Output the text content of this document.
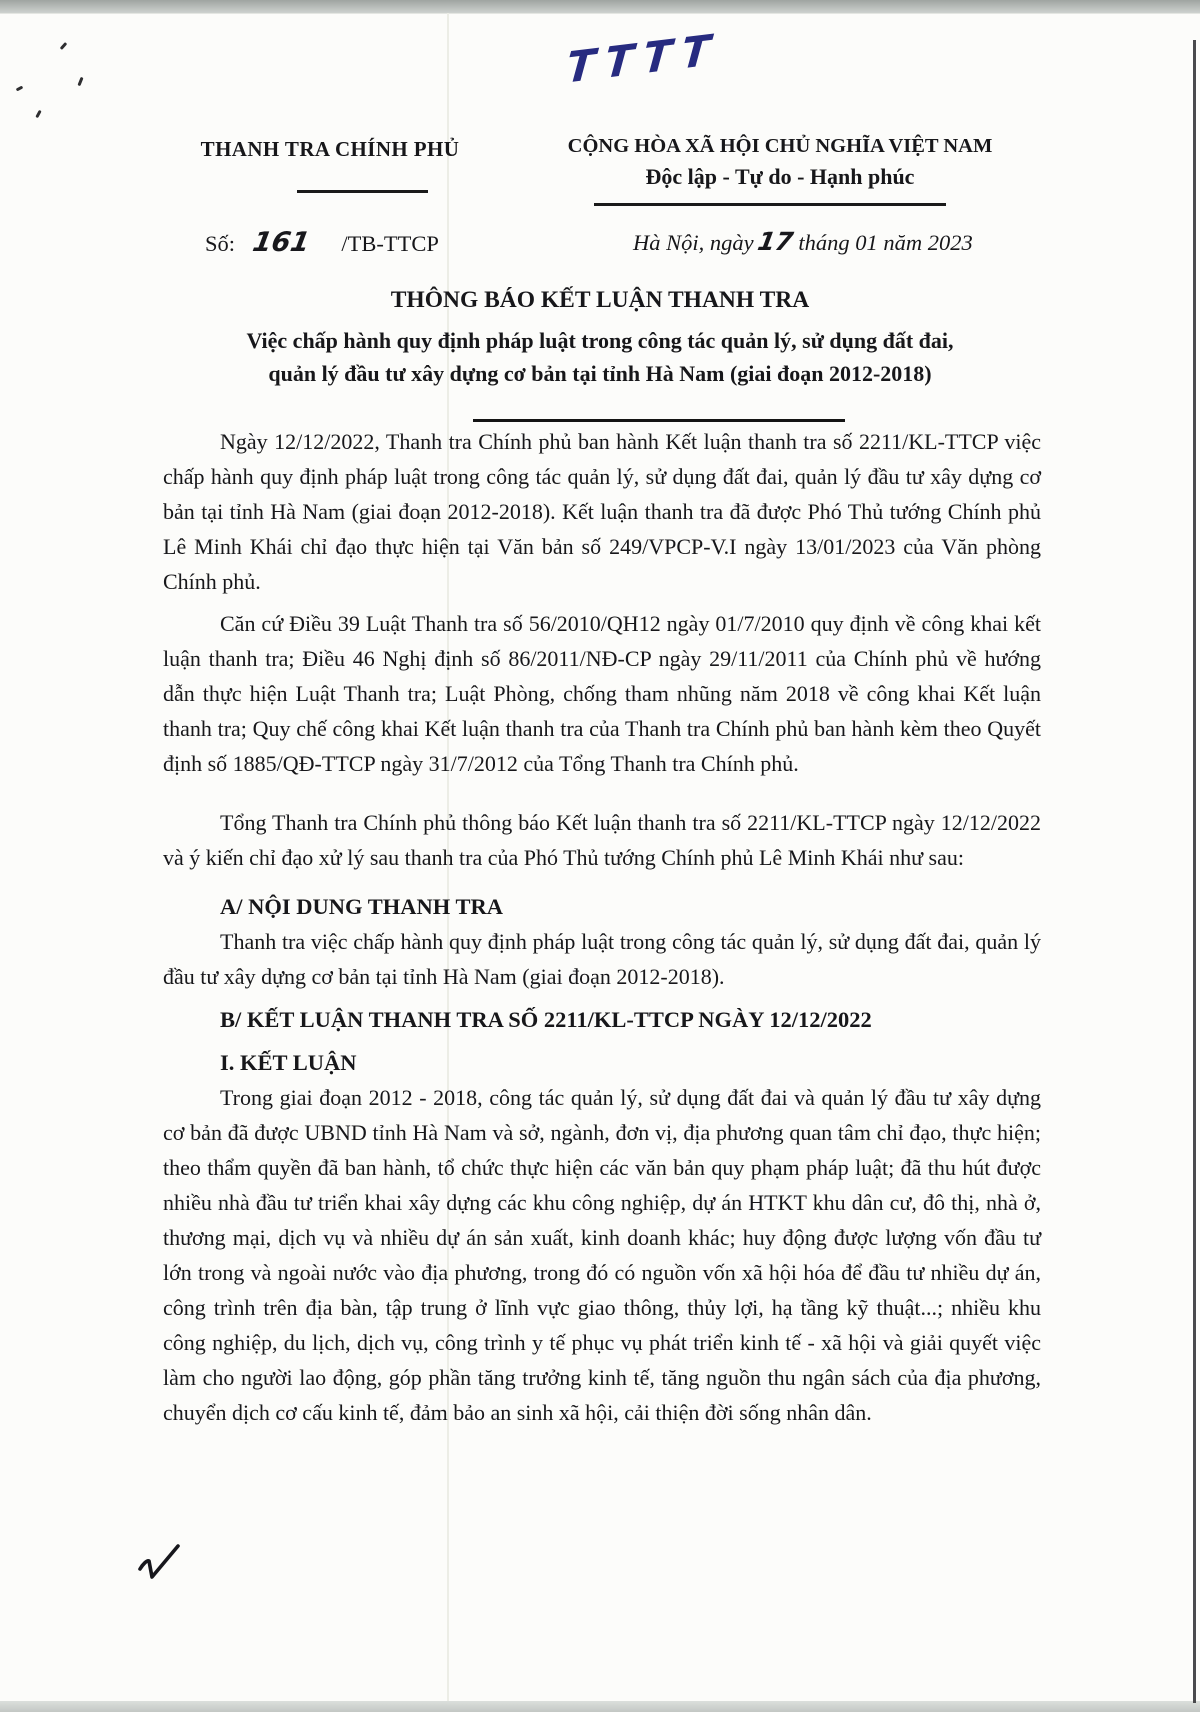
TTTT
THANH TRA CHÍNH PHỦ	CỘNG HÒA XÃ HỘI CHỦ NGHĨA VIỆT NAM
Độc lập - Tự do - Hạnh phúc
Số: 161 /TB-TTCP	Hà Nội, ngày17 tháng 01 năm 2023
THÔNG BÁO KẾT LUẬN THANH TRA
Việc chấp hành quy định pháp luật trong công tác quản lý, sử dụng đất đai,
quản lý đầu tư xây dựng cơ bản tại tỉnh Hà Nam (giai đoạn 2012-2018)

Ngày 12/12/2022, Thanh tra Chính phủ ban hành Kết luận thanh tra số 2211/KL-TTCP việc chấp hành quy định pháp luật trong công tác quản lý, sử dụng đất đai, quản lý đầu tư xây dựng cơ bản tại tỉnh Hà Nam (giai đoạn 2012-2018). Kết luận thanh tra đã được Phó Thủ tướng Chính phủ Lê Minh Khái chỉ đạo thực hiện tại Văn bản số 249/VPCP-V.I ngày 13/01/2023 của Văn phòng Chính phủ.

Căn cứ Điều 39 Luật Thanh tra số 56/2010/QH12 ngày 01/7/2010 quy định về công khai kết luận thanh tra; Điều 46 Nghị định số 86/2011/NĐ-CP ngày 29/11/2011 của Chính phủ về hướng dẫn thực hiện Luật Thanh tra; Luật Phòng, chống tham nhũng năm 2018 về công khai Kết luận thanh tra; Quy chế công khai Kết luận thanh tra của Thanh tra Chính phủ ban hành kèm theo Quyết định số 1885/QĐ-TTCP ngày 31/7/2012 của Tổng Thanh tra Chính phủ.

Tổng Thanh tra Chính phủ thông báo Kết luận thanh tra số 2211/KL-TTCP ngày 12/12/2022 và ý kiến chỉ đạo xử lý sau thanh tra của Phó Thủ tướng Chính phủ Lê Minh Khái như sau:

A/ NỘI DUNG THANH TRA

Thanh tra việc chấp hành quy định pháp luật trong công tác quản lý, sử dụng đất đai, quản lý đầu tư xây dựng cơ bản tại tỉnh Hà Nam (giai đoạn 2012-2018).

B/ KẾT LUẬN THANH TRA SỐ 2211/KL-TTCP NGÀY 12/12/2022
I. KẾT LUẬN

Trong giai đoạn 2012 - 2018, công tác quản lý, sử dụng đất đai và quản lý đầu tư xây dựng cơ bản đã được UBND tỉnh Hà Nam và sở, ngành, đơn vị, địa phương quan tâm chỉ đạo, thực hiện; theo thẩm quyền đã ban hành, tổ chức thực hiện các văn bản quy phạm pháp luật; đã thu hút được nhiều nhà đầu tư triển khai xây dựng các khu công nghiệp, dự án HTKT khu dân cư, đô thị, nhà ở, thương mại, dịch vụ và nhiều dự án sản xuất, kinh doanh khác; huy động được lượng vốn đầu tư lớn trong và ngoài nước vào địa phương, trong đó có nguồn vốn xã hội hóa để đầu tư nhiều dự án, công trình trên địa bàn, tập trung ở lĩnh vực giao thông, thủy lợi, hạ tầng kỹ thuật...; nhiều khu công nghiệp, du lịch, dịch vụ, công trình y tế phục vụ phát triển kinh tế - xã hội và giải quyết việc làm cho người lao động, góp phần tăng trưởng kinh tế, tăng nguồn thu ngân sách của địa phương, chuyển dịch cơ cấu kinh tế, đảm bảo an sinh xã hội, cải thiện đời sống nhân dân.
